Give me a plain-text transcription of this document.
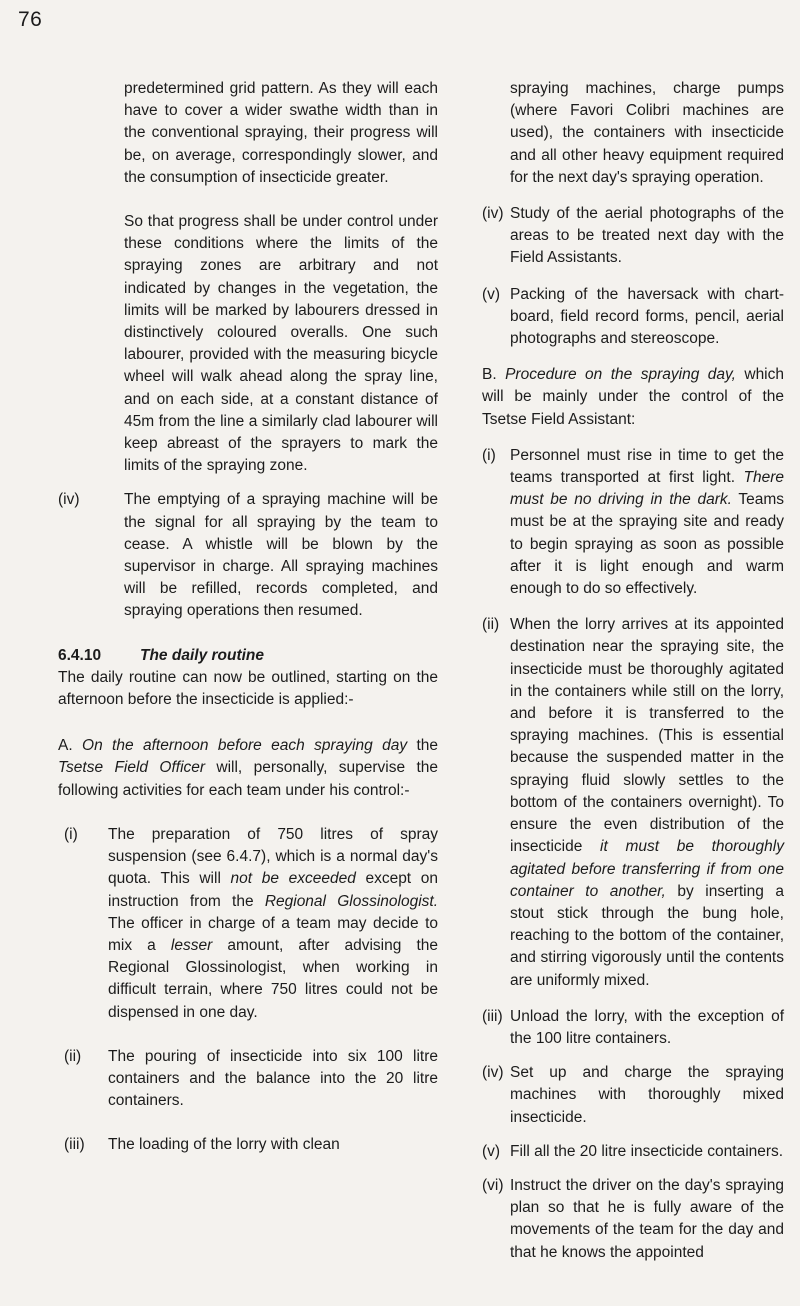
76

predetermined grid pattern. As they will each have to cover a wider swathe width than in the conventional spraying, their progress will be, on average, correspondingly slower, and the consumption of insecticide greater.

So that progress shall be under control under these conditions where the limits of the spraying zones are arbitrary and not indicated by changes in the vegetation, the limits will be marked by labourers dressed in distinctively coloured overalls. One such labourer, provided with the measuring bicycle wheel will walk ahead along the spray line, and on each side, at a constant distance of 45m from the line a similarly clad labourer will keep abreast of the sprayers to mark the limits of the spraying zone.

(iv)	The emptying of a spraying machine will be the signal for all spraying by the team to cease. A whistle will be blown by the supervisor in charge. All spraying machines will be refilled, records completed, and spraying operations then resumed.

6.4.10	The daily routine

The daily routine can now be outlined, starting on the afternoon before the insecticide is applied:-

A. On the afternoon before each spraying day the Tsetse Field Officer will, personally, supervise the following activities for each team under his control:-

(i)	The preparation of 750 litres of spray suspension (see 6.4.7), which is a normal day's quota. This will not be exceeded except on instruction from the Regional Glossinologist. The officer in charge of a team may decide to mix a lesser amount, after advising the Regional Glossinologist, when working in difficult terrain, where 750 litres could not be dispensed in one day.

(ii)	The pouring of insecticide into six 100 litre containers and the balance into the 20 litre containers.

(iii)	The loading of the lorry with clean

spraying machines, charge pumps (where Favori Colibri machines are used), the containers with insecticide and all other heavy equipment required for the next day's spraying operation.

(iv) Study of the aerial photographs of the areas to be treated next day with the Field Assistants.

(v) Packing of the haversack with chart-board, field record forms, pencil, aerial photographs and stereoscope.

B. Procedure on the spraying day, which will be mainly under the control of the Tsetse Field Assistant:

(i) Personnel must rise in time to get the teams transported at first light. There must be no driving in the dark. Teams must be at the spraying site and ready to begin spraying as soon as possible after it is light enough and warm enough to do so effectively.

(ii) When the lorry arrives at its appointed destination near the spraying site, the insecticide must be thoroughly agitated in the containers while still on the lorry, and before it is transferred to the spraying machines. (This is essential because the suspended matter in the spraying fluid slowly settles to the bottom of the containers overnight). To ensure the even distribution of the insecticide it must be thoroughly agitated before transferring if from one container to another, by inserting a stout stick through the bung hole, reaching to the bottom of the container, and stirring vigorously until the contents are uniformly mixed.

(iii) Unload the lorry, with the exception of the 100 litre containers.

(iv) Set up and charge the spraying machines with thoroughly mixed insecticide.

(v) Fill all the 20 litre insecticide containers.

(vi) Instruct the driver on the day's spraying plan so that he is fully aware of the movements of the team for the day and that he knows the appointed
